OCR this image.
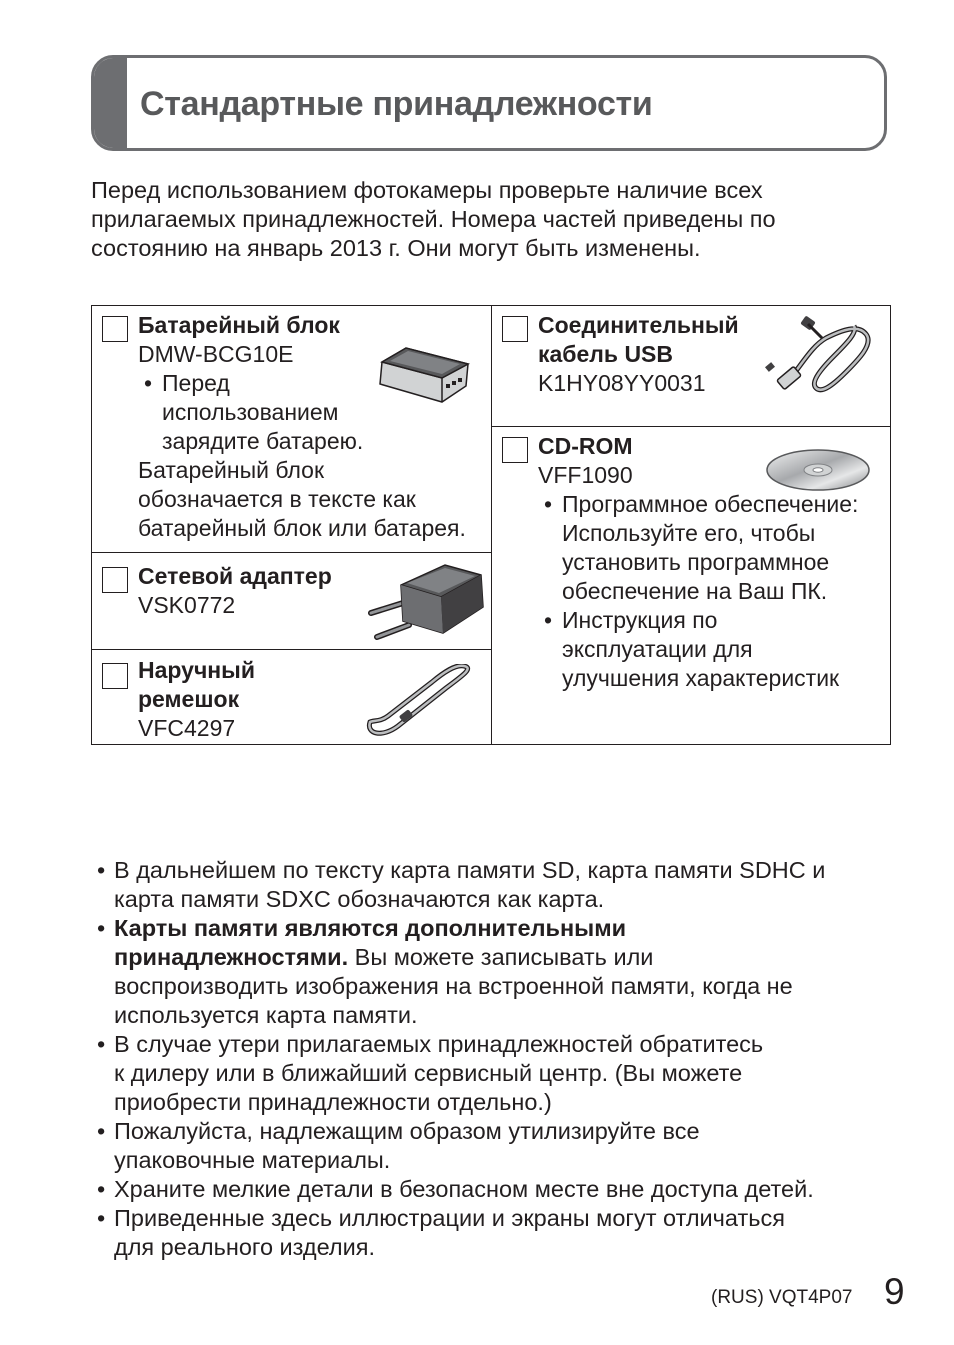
Стандартные принадлежности
Перед использованием фотокамеры проверьте наличие всех
прилагаемых принадлежностей. Номера частей приведены по
состоянию на январь 2013 г. Они могут быть изменены.
Батарейный блок
DMW-BCG10E
• Перед
использованием
зарядите батарею.
Батарейный блок
обозначается в тексте как
батарейный блок или батарея.
Сетевой адаптер
VSK0772
Наручный
ремешок
VFC4297
Соединительный
кабель USB
K1HY08YY0031
CD-ROM
VFF1090
• Программное обеспечение:
Используйте его, чтобы
установить программное
обеспечение на Ваш ПК.
• Инструкция по
эксплуатации для
улучшения характеристик
• В дальнейшем по тексту карта памяти SD, карта памяти SDHC и
карта памяти SDXC обозначаются как карта.
• Карты памяти являются дополнительными
принадлежностями. Вы можете записывать или
воспроизводить изображения на встроенной памяти, когда не
используется карта памяти.
• В случае утери прилагаемых принадлежностей обратитесь
к дилеру или в ближайший сервисный центр. (Вы можете
приобрести принадлежности отдельно.)
• Пожалуйста, надлежащим образом утилизируйте все
упаковочные материалы.
• Храните мелкие детали в безопасном месте вне доступа детей.
• Приведенные здесь иллюстрации и экраны могут отличаться
для реального изделия.
(RUS) VQT4P07 9
